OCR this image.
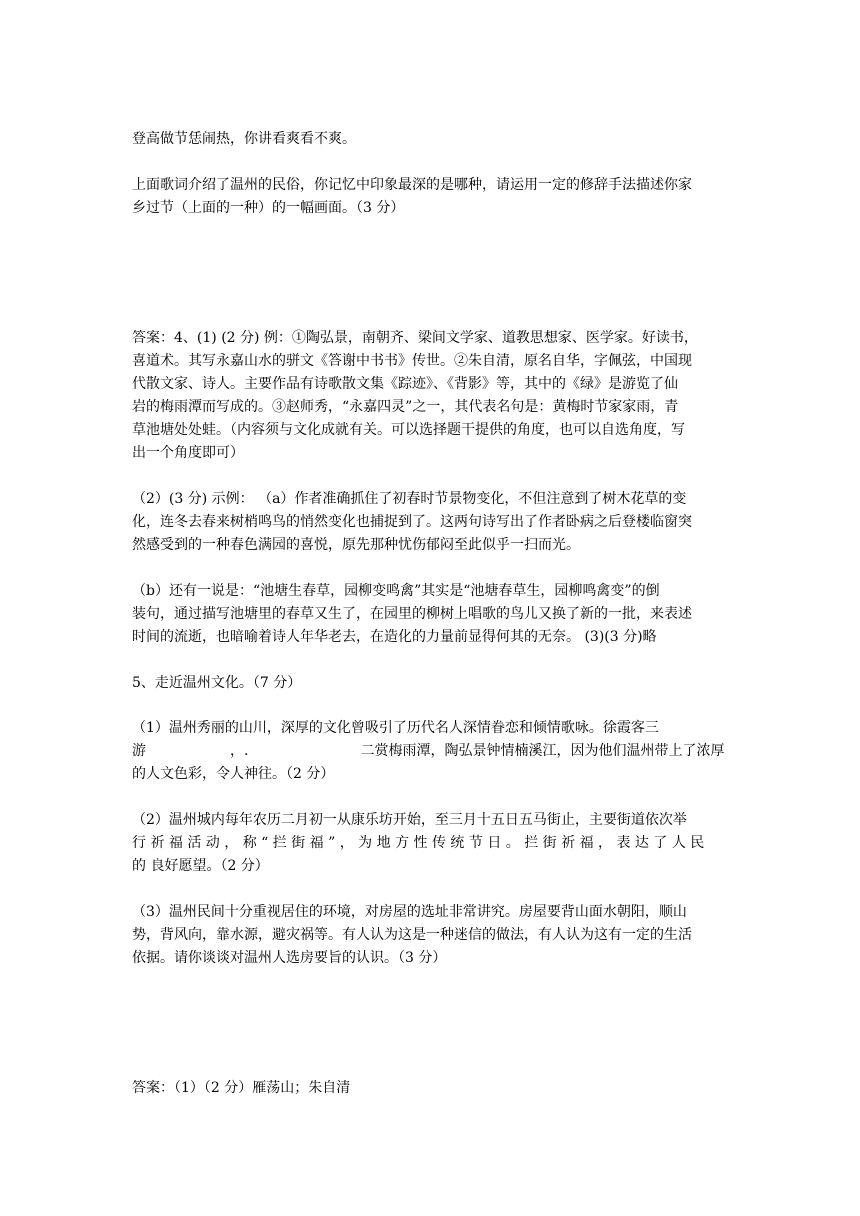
登高做节恁闹热，你讲看爽看不爽。

上面歌词介绍了温州的民俗，你记忆中印象最深的是哪种，请运用一定的修辞手法描述你家
乡过节（上面的一种）的一幅画面。（3 分）

答案：4、(1) (2 分) 例：①陶弘景，南朝齐、梁间文学家、道教思想家、医学家。好读书，
喜道术。其写永嘉山水的骈文《答谢中书书》传世。②朱自清，原名自华，字佩弦，中国现
代散文家、诗人。主要作品有诗歌散文集《踪迹》、《背影》等，其中的《绿》是游览了仙
岩的梅雨潭而写成的。③赵师秀，“永嘉四灵”之一，其代表名句是：黄梅时节家家雨，青
草池塘处处蛙。（内容须与文化成就有关。可以选择题干提供的角度，也可以自选角度，写
出一个角度即可）

（2）(3 分) 示例： （a）作者准确抓住了初春时节景物变化，不但注意到了树木花草的变
化，连冬去春来树梢鸣鸟的悄然变化也捕捉到了。这两句诗写出了作者卧病之后登楼临窗突
然感受到的一种春色满园的喜悦，原先那种忧伤郁闷至此似乎一扫而光。

（b）还有一说是：“池塘生春草，园柳变鸣禽”其实是“池塘春草生，园柳鸣禽变”的倒
装句，通过描写池塘里的春草又生了，在园里的柳树上唱歌的鸟儿又换了新的一批，来表述
时间的流逝，也暗喻着诗人年华老去，在造化的力量前显得何其的无奈。 (3)(3 分)略

5、走近温州文化。（7 分）

（1）温州秀丽的山川，深厚的文化曾吸引了历代名人深情眷恋和倾情歌咏。徐霞客三
游	，.	二赏梅雨潭，陶弘景钟情楠溪江，因为他们温州带上了浓厚
的人文色彩，令人神往。（2 分）

（2）温州城内每年农历二月初一从康乐坊开始，至三月十五日五马街止，主要街道依次举
行 祈 福 活 动 ， 称 “ 拦 街 福 ” ， 为 地 方 性 传 统 节 日 。 拦 街 祈 福 ， 表 达 了 人 民
的 良好愿望。（2 分）

（3）温州民间十分重视居住的环境，对房屋的选址非常讲究。房屋要背山面水朝阳，顺山
势，背风向，靠水源，避灾祸等。有人认为这是一种迷信的做法，有人认为这有一定的生活
依据。请你谈谈对温州人选房要旨的认识。（3 分）

答案：（1）（2 分）雁荡山；朱自清
